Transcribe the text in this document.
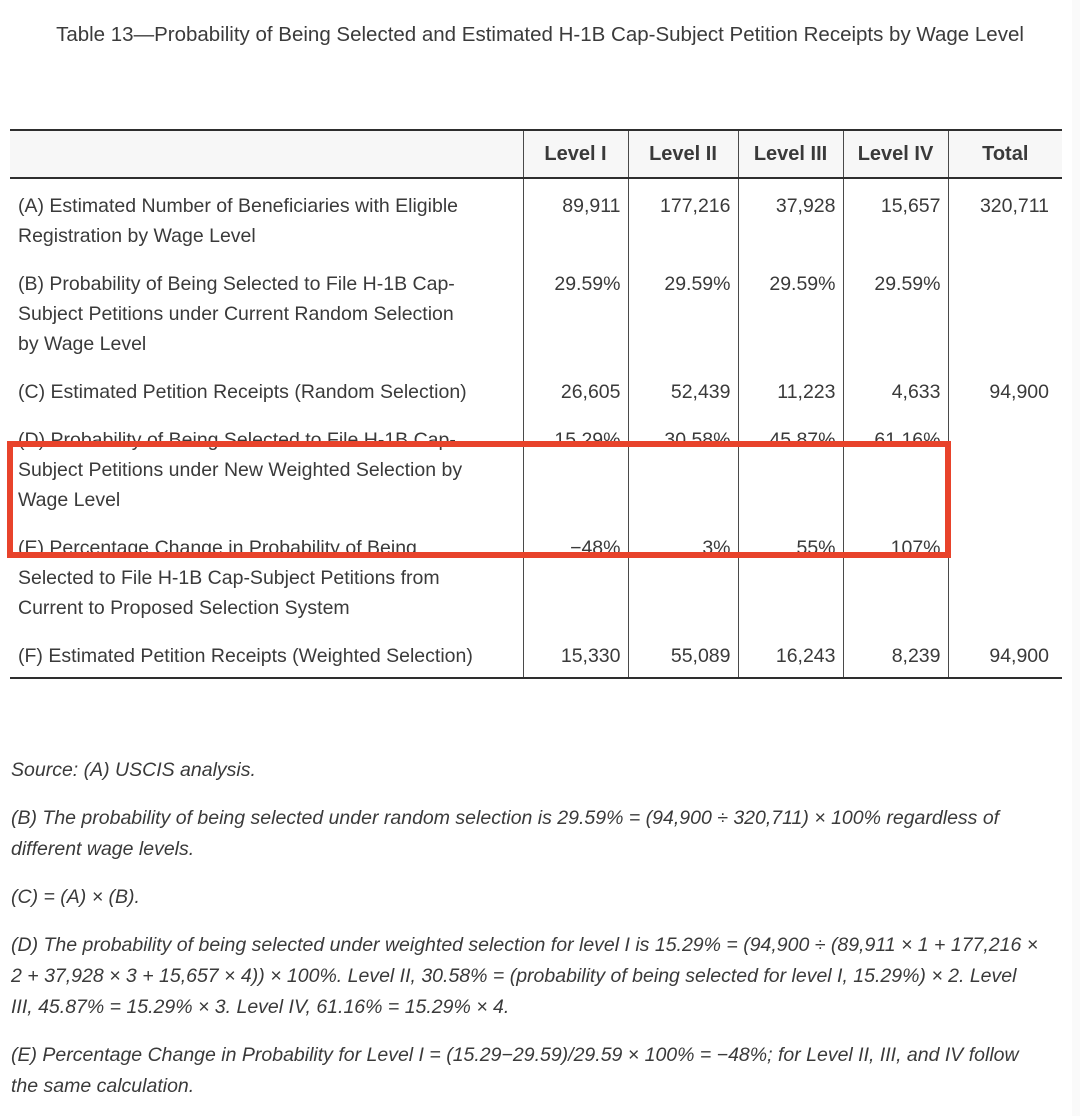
Table 13—Probability of Being Selected and Estimated H-1B Cap-Subject Petition Receipts by Wage Level
	Level I	Level II	Level III	Level IV	Total
(A) Estimated Number of Beneficiaries with Eligible Registration by Wage Level	89,911	177,216	37,928	15,657	320,711
(B) Probability of Being Selected to File H-1B Cap-Subject Petitions under Current Random Selection by Wage Level	29.59%	29.59%	29.59%	29.59%	
(C) Estimated Petition Receipts (Random Selection)	26,605	52,439	11,223	4,633	94,900
(D) Probability of Being Selected to File H-1B Cap-Subject Petitions under New Weighted Selection by Wage Level	15.29%	30.58%	45.87%	61.16%	
(E) Percentage Change in Probability of Being Selected to File H-1B Cap-Subject Petitions from Current to Proposed Selection System	−48%	3%	55%	107%	
(F) Estimated Petition Receipts (Weighted Selection)	15,330	55,089	16,243	8,239	94,900

Source: (A) USCIS analysis.

(B) The probability of being selected under random selection is 29.59% = (94,900 ÷ 320,711) × 100% regardless of different wage levels.

(C) = (A) × (B).

(D) The probability of being selected under weighted selection for level I is 15.29% = (94,900 ÷ (89,911 × 1 + 177,216 × 2 + 37,928 × 3 + 15,657 × 4)) × 100%. Level II, 30.58% = (probability of being selected for level I, 15.29%) × 2. Level III, 45.87% = 15.29% × 3. Level IV, 61.16% = 15.29% × 4.

(E) Percentage Change in Probability for Level I = (15.29−29.59)/29.59 × 100% = −48%; for Level II, III, and IV follow the same calculation.
